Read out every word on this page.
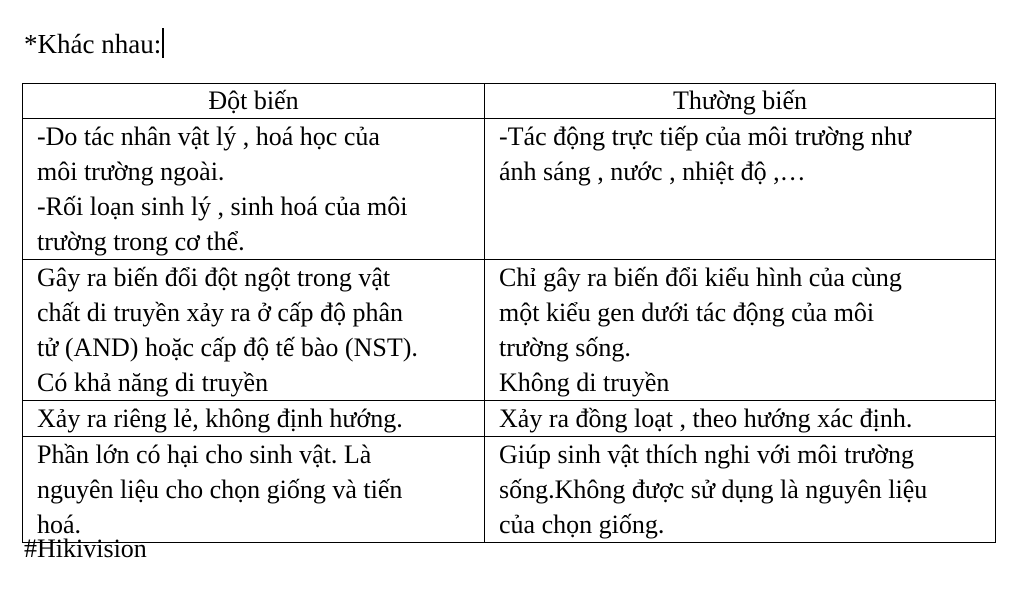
*Khác nhau:
Đột biến	Thường biến

-Do tác nhân vật lý , hoá học của
môi trường ngoài.
-Rối loạn sinh lý , sinh hoá của môi
trường trong cơ thể.	-Tác động trực tiếp của môi trường như
ánh sáng , nước , nhiệt độ ,…

Gây ra biến đổi đột ngột trong vật
chất di truyền xảy ra ở cấp độ phân
tử (AND) hoặc cấp độ tế bào (NST).
Có khả năng di truyền	Chỉ gây ra biến đổi kiểu hình của cùng
một kiểu gen dưới tác động của môi
trường sống.
Không di truyền

Xảy ra riêng lẻ, không định hướng.	Xảy ra đồng loạt , theo hướng xác định.

Phần lớn có hại cho sinh vật. Là
nguyên liệu cho chọn giống và tiến
hoá.	Giúp sinh vật thích nghi với môi trường
sống.Không được sử dụng là nguyên liệu
của chọn giống.
#Hikivision
